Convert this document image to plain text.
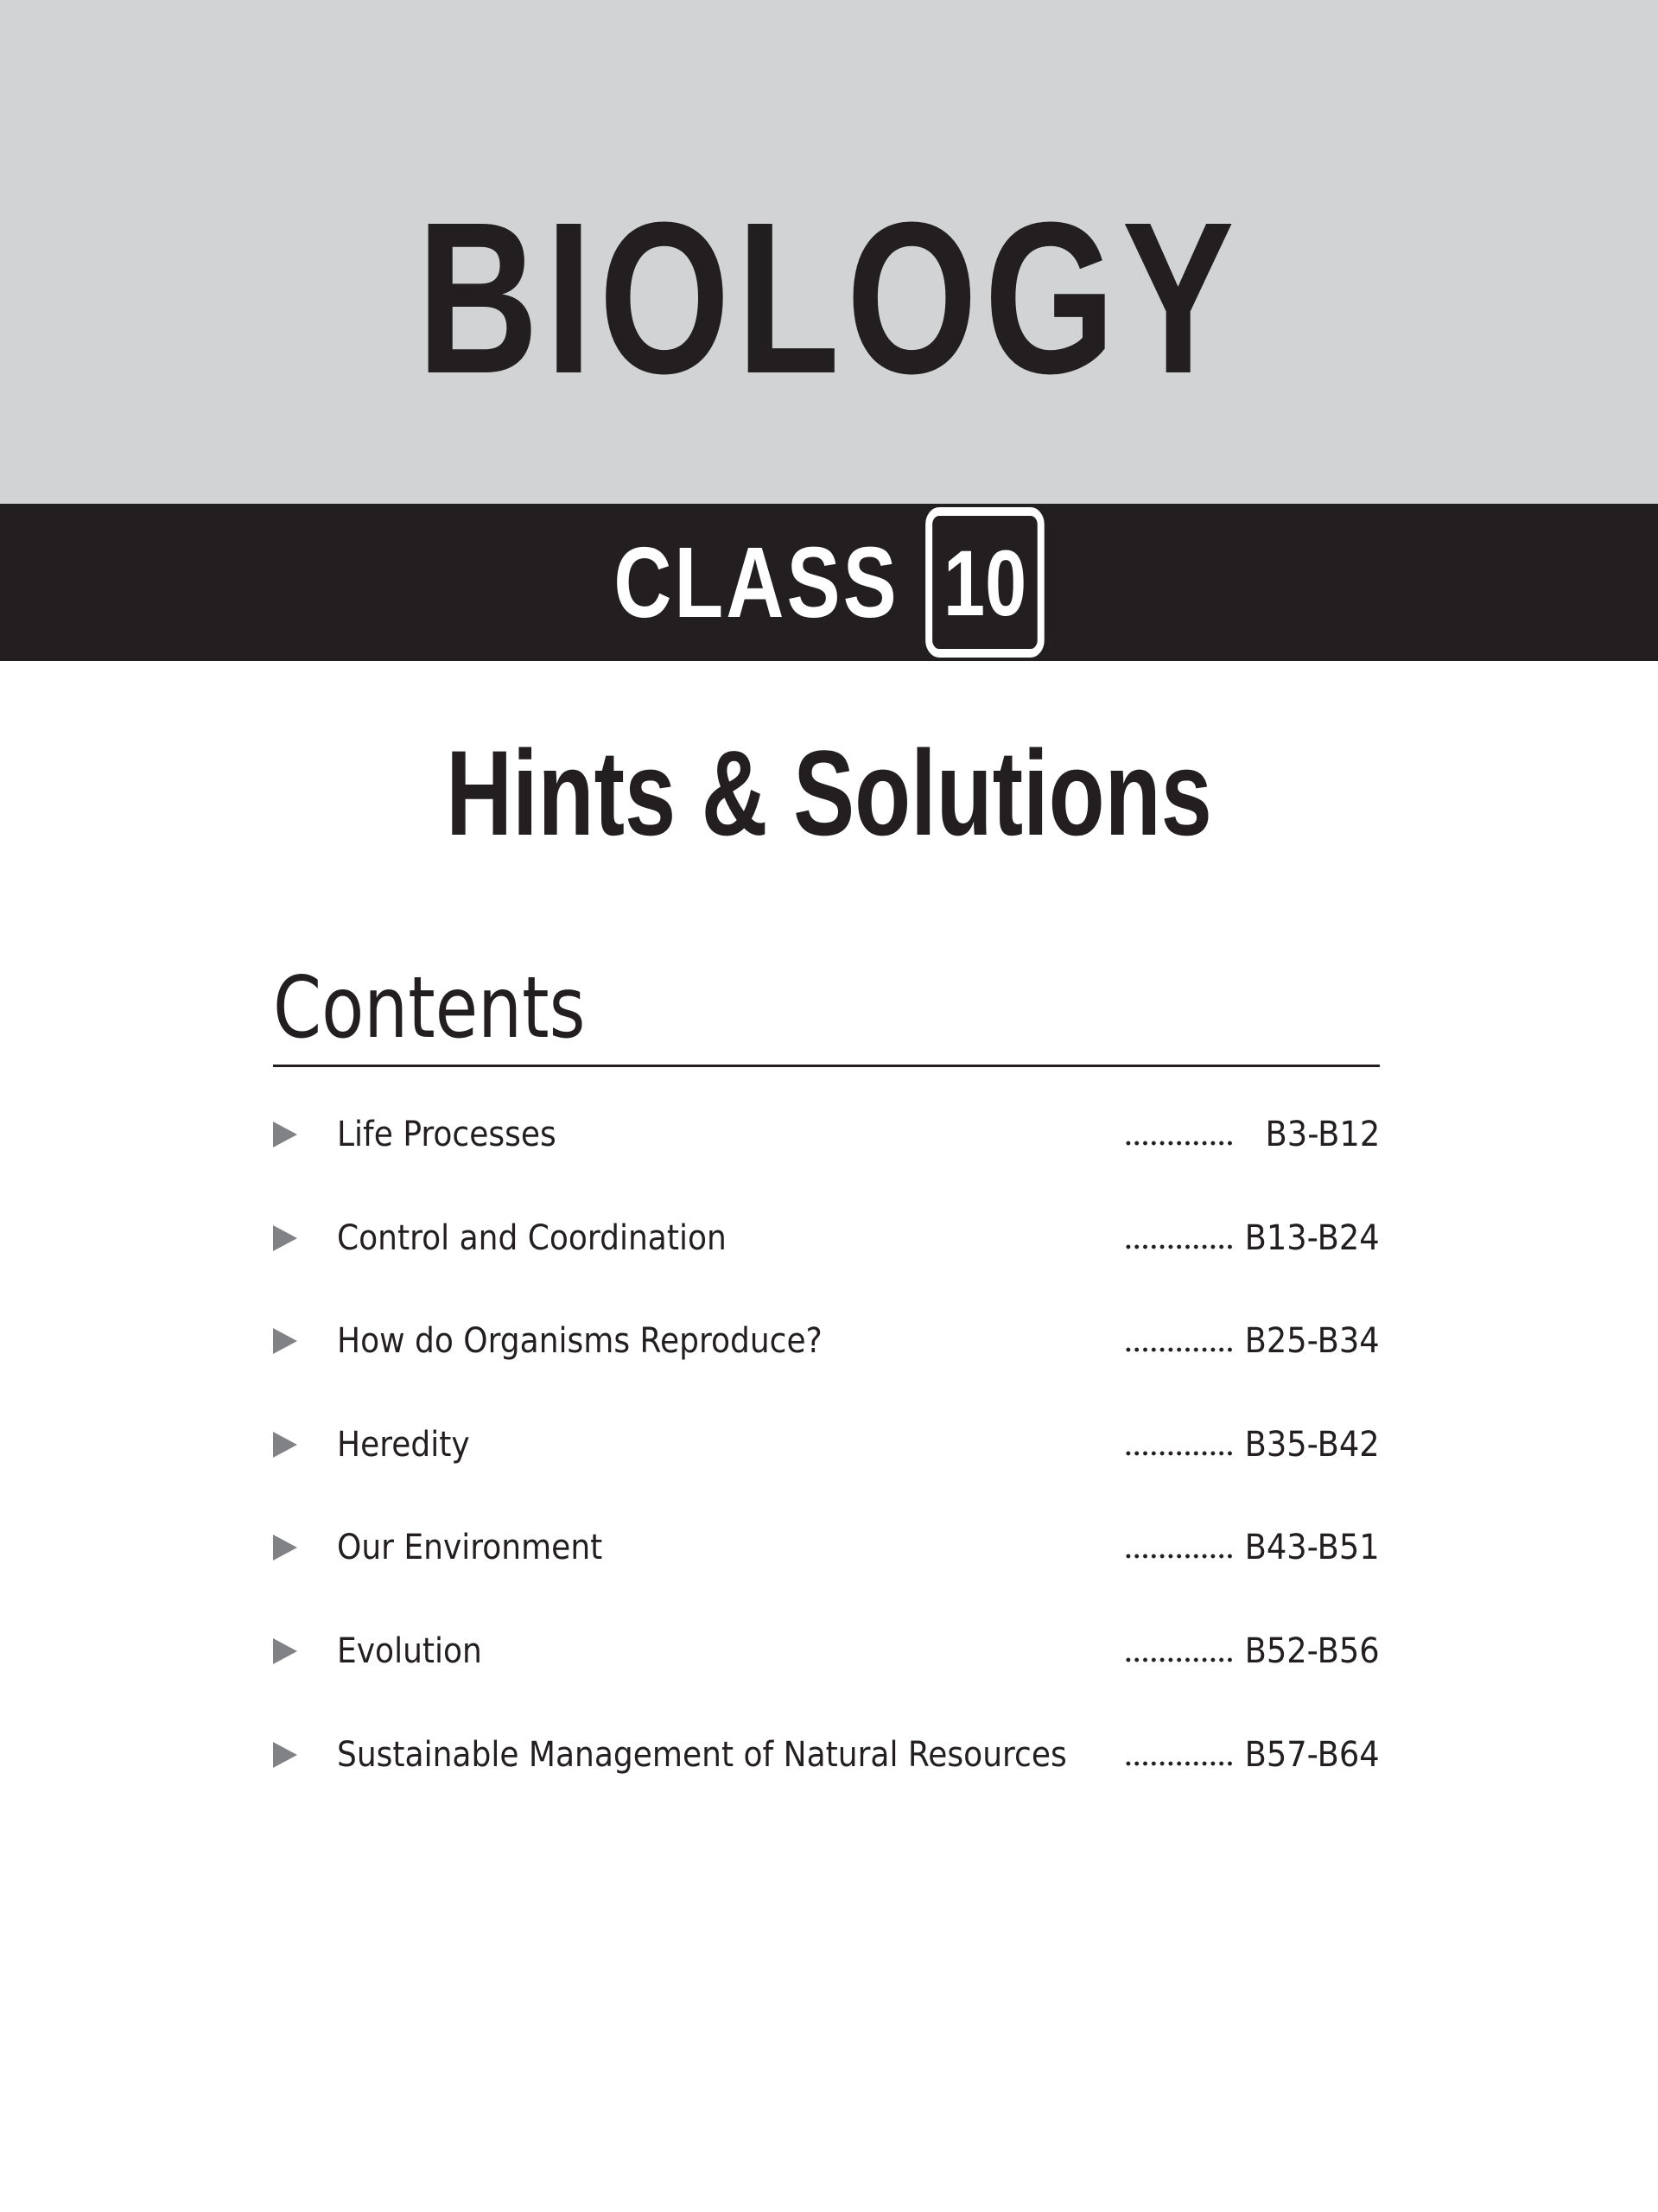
BIOLOGY
CLASS 10
Hints & Solutions
Contents
Life Processes	B3-B12
Control and Coordination	B13-B24
How do Organisms Reproduce?	B25-B34
Heredity	B35-B42
Our Environment	B43-B51
Evolution	B52-B56
Sustainable Management of Natural Resources	B57-B64
